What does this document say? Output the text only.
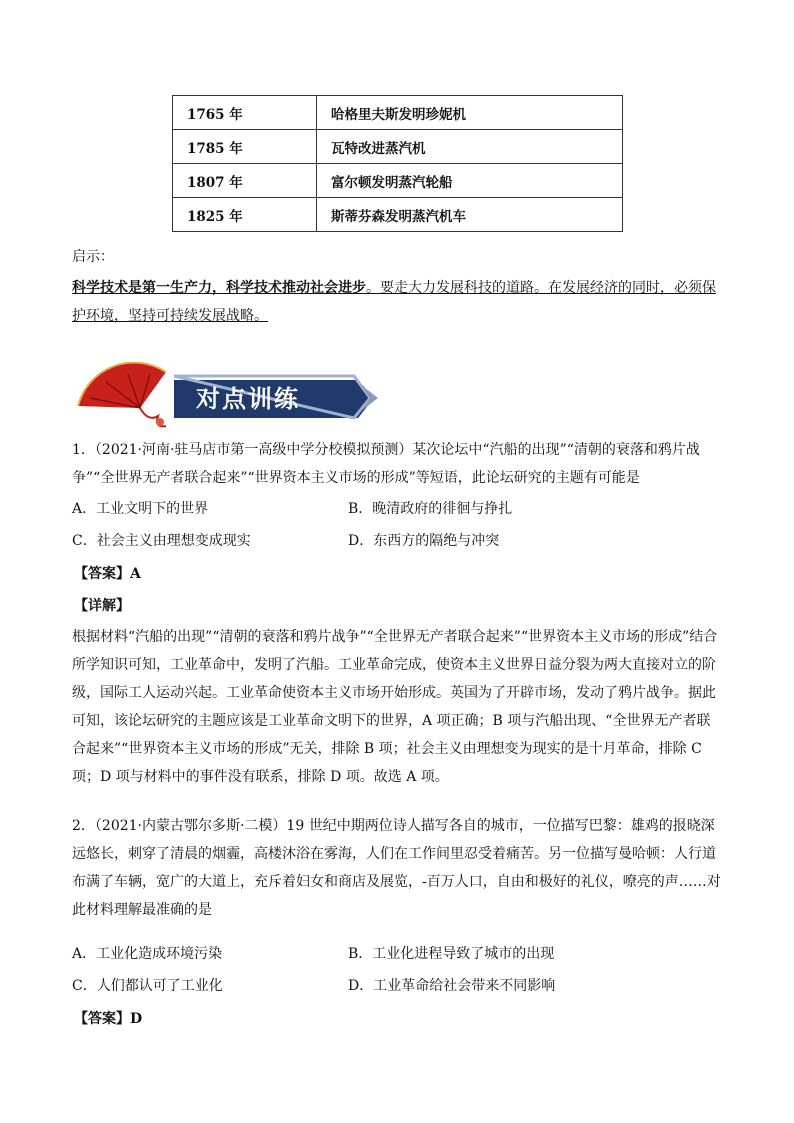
1765 年	哈格里夫斯发明珍妮机
1785 年	瓦特改进蒸汽机
1807 年	富尔顿发明蒸汽轮船
1825 年	斯蒂芬森发明蒸汽机车
启示：
科学技术是第一生产力，科学技术推动社会进步。要走大力发展科技的道路。在发展经济的同时，必须保护环境，坚持可持续发展战略。
对点训练

1．（2021·河南·驻马店市第一高级中学分校模拟预测）某次论坛中“汽船的出现”“清朝的衰落和鸦片战争”“全世界无产者联合起来”“世界资本主义市场的形成”等短语，此论坛研究的主题有可能是

A．工业文明下的世界	B．晚清政府的徘徊与挣扎
C．社会主义由理想变成现实	D．东西方的隔绝与冲突
【答案】A
【详解】

根据材料“汽船的出现”“清朝的衰落和鸦片战争”“全世界无产者联合起来”“世界资本主义市场的形成”结合所学知识可知，工业革命中，发明了汽船。工业革命完成，使资本主义世界日益分裂为两大直接对立的阶级，国际工人运动兴起。工业革命使资本主义市场开始形成。英国为了开辟市场，发动了鸦片战争。据此可知，该论坛研究的主题应该是工业革命文明下的世界，A 项正确；B 项与汽船出现、“全世界无产者联合起来”“世界资本主义市场的形成”无关，排除 B 项；社会主义由理想变为现实的是十月革命，排除 C 项；D 项与材料中的事件没有联系，排除 D 项。故选 A 项。

2．（2021·内蒙古鄂尔多斯·二模）19 世纪中期两位诗人描写各自的城市，一位描写巴黎：雄鸡的报晓深远悠长，刺穿了清晨的烟霾，高楼沐浴在雾海，人们在工作间里忍受着痛苦。另一位描写曼哈顿：人行道布满了车辆，宽广的大道上，充斥着妇女和商店及展览，-百万人口，自由和极好的礼仪，嘹亮的声……对此材料理解最准确的是

A．工业化造成环境污染	B．工业化进程导致了城市的出现
C．人们都认可了工业化	D．工业革命给社会带来不同影响
【答案】D
